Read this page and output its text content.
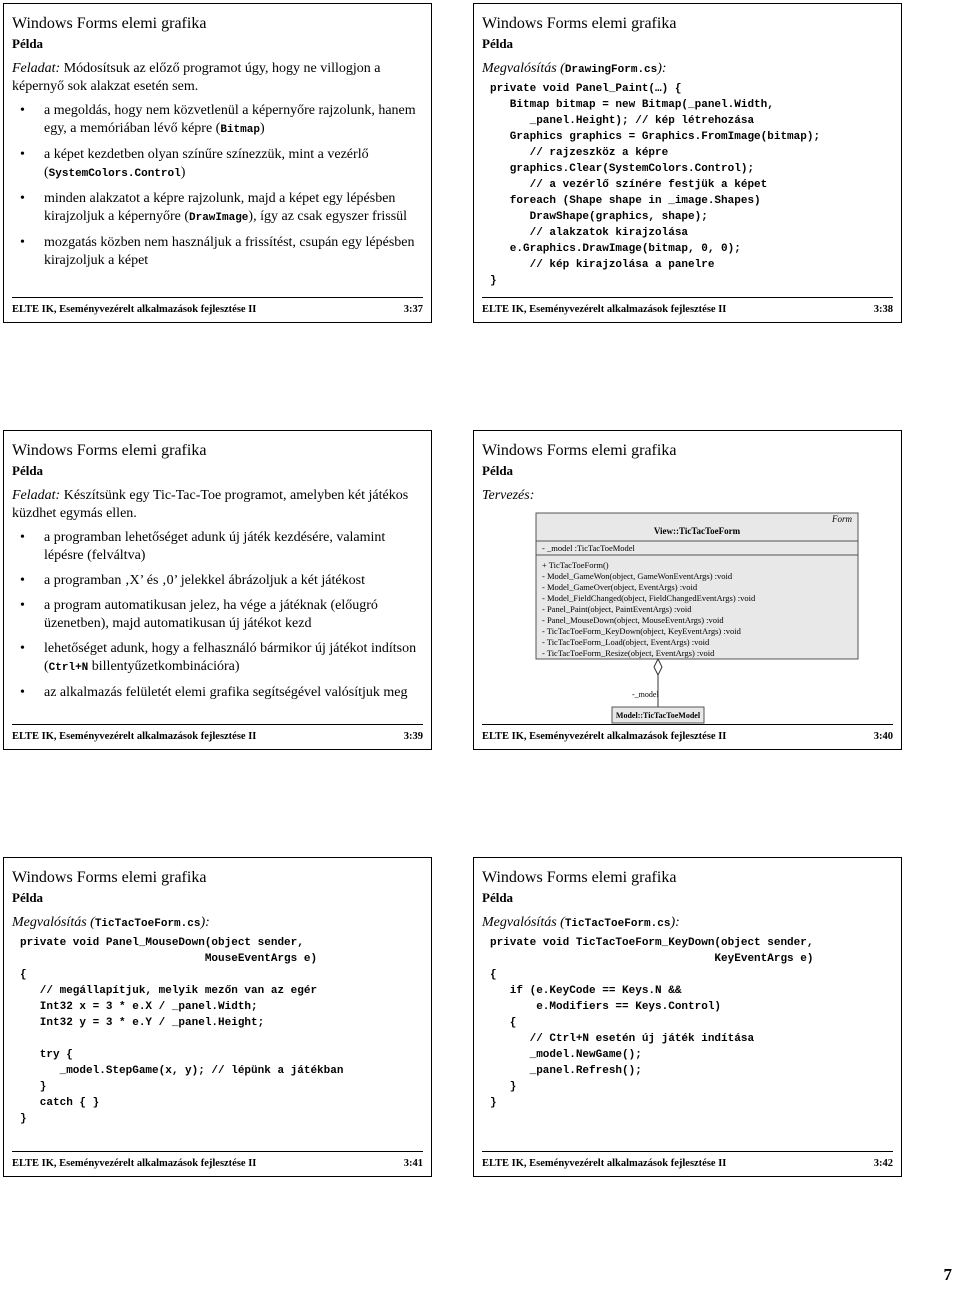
Windows Forms elemi grafika
Példa
Feladat: Módosítsuk az előző programot úgy, hogy ne villogjon a képernyő sok alakzat esetén sem.
• a megoldás, hogy nem közvetlenül a képernyőre rajzolunk, hanem egy, a memóriában lévő képre (Bitmap)
• a képet kezdetben olyan színűre színezzük, mint a vezérlő (SystemColors.Control)
• minden alakzatot a képre rajzolunk, majd a képet egy lépésben kirajzoljuk a képernyőre (DrawImage), így az csak egyszer frissül
• mozgatás közben nem használjuk a frissítést, csupán egy lépésben kirajzoljuk a képet
ELTE IK, Eseményvezérelt alkalmazások fejlesztése II	3:37
Windows Forms elemi grafika
Példa
Megvalósítás (DrawingForm.cs):
private void Panel_Paint(…) {
Bitmap bitmap = new Bitmap(_panel.Width,
_panel.Height); // kép létrehozása
Graphics graphics = Graphics.FromImage(bitmap);
// rajzeszköz a képre
graphics.Clear(SystemColors.Control);
// a vezérlő színére festjük a képet
foreach (Shape shape in _image.Shapes)
DrawShape(graphics, shape);
// alakzatok kirajzolása
e.Graphics.DrawImage(bitmap, 0, 0);
// kép kirajzolása a panelre
}
ELTE IK, Eseményvezérelt alkalmazások fejlesztése II	3:38
Windows Forms elemi grafika
Példa
Feladat: Készítsünk egy Tic-Tac-Toe programot, amelyben két játékos küzdhet egymás ellen.
• a programban lehetőséget adunk új játék kezdésére, valamint lépésre (felváltva)
• a programban ‚X’ és ‚0’ jelekkel ábrázoljuk a két játékost
• a program automatikusan jelez, ha vége a játéknak (előugró üzenetben), majd automatikusan új játékot kezd
• lehetőséget adunk, hogy a felhasználó bármikor új játékot indítson (Ctrl+N billentyűzetkombinációra)
• az alkalmazás felületét elemi grafika segítségével valósítjuk meg
ELTE IK, Eseményvezérelt alkalmazások fejlesztése II	3:39
Windows Forms elemi grafika
Példa
Tervezés:
Form
View::TicTacToeForm
- _model :TicTacToeModel
+ TicTacToeForm()
- Model_GameWon(object, GameWonEventArgs) :void
- Model_GameOver(object, EventArgs) :void
- Model_FieldChanged(object, FieldChangedEventArgs) :void
- Panel_Paint(object, PaintEventArgs) :void
- Panel_MouseDown(object, MouseEventArgs) :void
- TicTacToeForm_KeyDown(object, KeyEventArgs) :void
- TicTacToeForm_Load(object, EventArgs) :void
- TicTacToeForm_Resize(object, EventArgs) :void
-_model
Model::TicTacToeModel
ELTE IK, Eseményvezérelt alkalmazások fejlesztése II	3:40
Windows Forms elemi grafika
Példa
Megvalósítás (TicTacToeForm.cs):
private void Panel_MouseDown(object sender,
MouseEventArgs e)
{
// megállapítjuk, melyik mezőn van az egér
Int32 x = 3 * e.X / _panel.Width;
Int32 y = 3 * e.Y / _panel.Height;

try {
_model.StepGame(x, y); // lépünk a játékban
}
catch { }
}
ELTE IK, Eseményvezérelt alkalmazások fejlesztése II	3:41
Windows Forms elemi grafika
Példa
Megvalósítás (TicTacToeForm.cs):
private void TicTacToeForm_KeyDown(object sender,
KeyEventArgs e)
{
if (e.KeyCode == Keys.N &&
e.Modifiers == Keys.Control)
{
// Ctrl+N esetén új játék indítása
_model.NewGame();
_panel.Refresh();
}
}
ELTE IK, Eseményvezérelt alkalmazások fejlesztése II	3:42
7
